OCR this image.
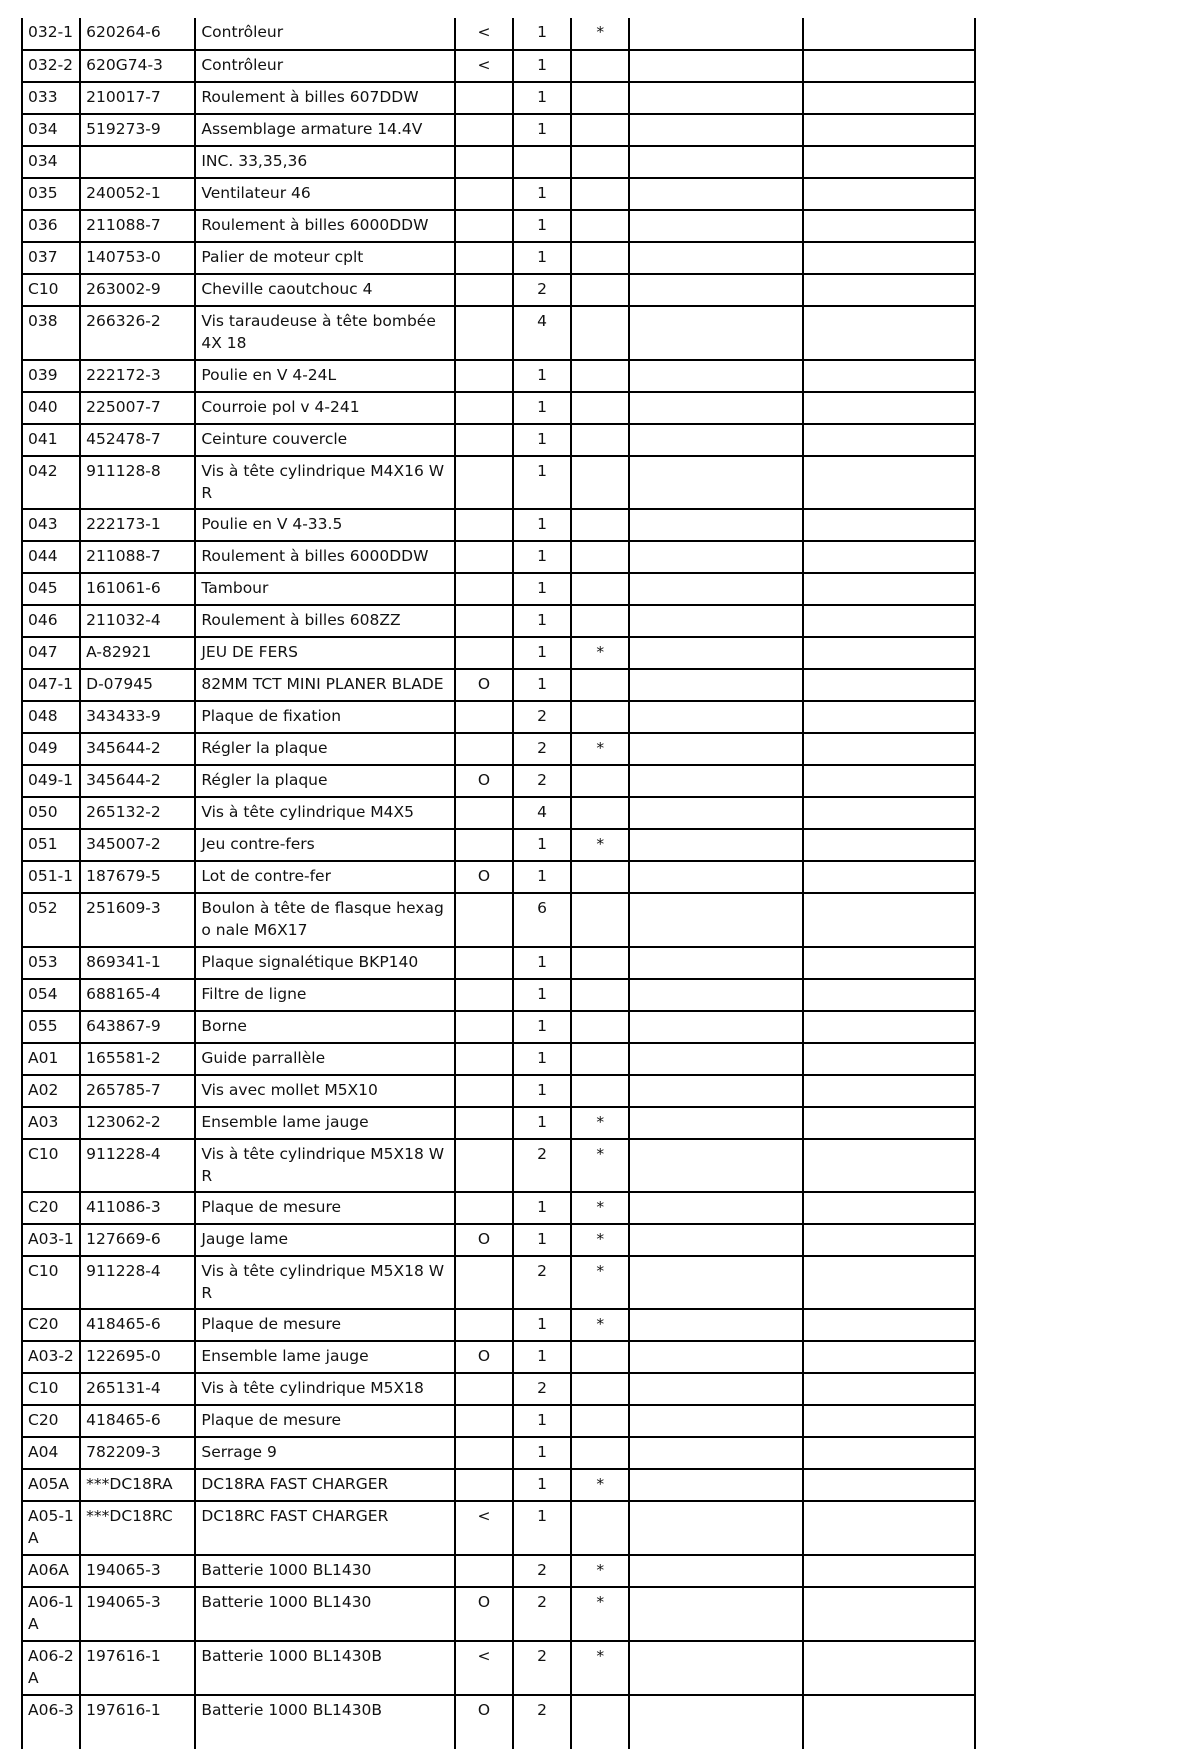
032-1	620264-6	Contrôleur	<	1	*		
032-2	620G74-3	Contrôleur	<	1			
033	210017-7	Roulement à billes 607DDW		1			
034	519273-9	Assemblage armature 14.4V		1			
034		INC. 33,35,36					
035	240052-1	Ventilateur 46		1			
036	211088-7	Roulement à billes 6000DDW		1			
037	140753-0	Palier de moteur cplt		1			
C10	263002-9	Cheville caoutchouc 4		2			
038	266326-2	Vis taraudeuse à tête bombée 4X 18		4			
039	222172-3	Poulie en V 4-24L		1			
040	225007-7	Courroie pol v 4-241		1			
041	452478-7	Ceinture couvercle		1			
042	911128-8	Vis à tête cylindrique M4X16 WR		1			
043	222173-1	Poulie en V 4-33.5		1			
044	211088-7	Roulement à billes 6000DDW		1			
045	161061-6	Tambour		1			
046	211032-4	Roulement à billes 608ZZ		1			
047	A-82921	JEU DE FERS		1	*		
047-1	D-07945	82MM TCT MINI PLANER BLADE	O	1			
048	343433-9	Plaque de fixation		2			
049	345644-2	Régler la plaque		2	*		
049-1	345644-2	Régler la plaque	O	2			
050	265132-2	Vis à tête cylindrique M4X5		4			
051	345007-2	Jeu contre-fers		1	*		
051-1	187679-5	Lot de contre-fer	O	1			
052	251609-3	Boulon à tête de flasque hexago nale M6X17		6			
053	869341-1	Plaque signalétique BKP140		1			
054	688165-4	Filtre de ligne		1			
055	643867-9	Borne		1			
A01	165581-2	Guide parrallèle		1			
A02	265785-7	Vis avec mollet M5X10		1			
A03	123062-2	Ensemble lame jauge		1	*		
C10	911228-4	Vis à tête cylindrique M5X18 WR		2	*		
C20	411086-3	Plaque de mesure		1	*		
A03-1	127669-6	Jauge lame	O	1	*		
C10	911228-4	Vis à tête cylindrique M5X18 WR		2	*		
C20	418465-6	Plaque de mesure		1	*		
A03-2	122695-0	Ensemble lame jauge	O	1			
C10	265131-4	Vis à tête cylindrique M5X18		2			
C20	418465-6	Plaque de mesure		1			
A04	782209-3	Serrage 9		1			
A05A	***DC18RA	DC18RA FAST CHARGER		1	*		
A05-1 A	***DC18RC	DC18RC FAST CHARGER	<	1			
A06A	194065-3	Batterie 1000 BL1430		2	*		
A06-1 A	194065-3	Batterie 1000 BL1430	O	2	*		
A06-2 A	197616-1	Batterie 1000 BL1430B	<	2	*		
A06-3	197616-1	Batterie 1000 BL1430B	O	2			
